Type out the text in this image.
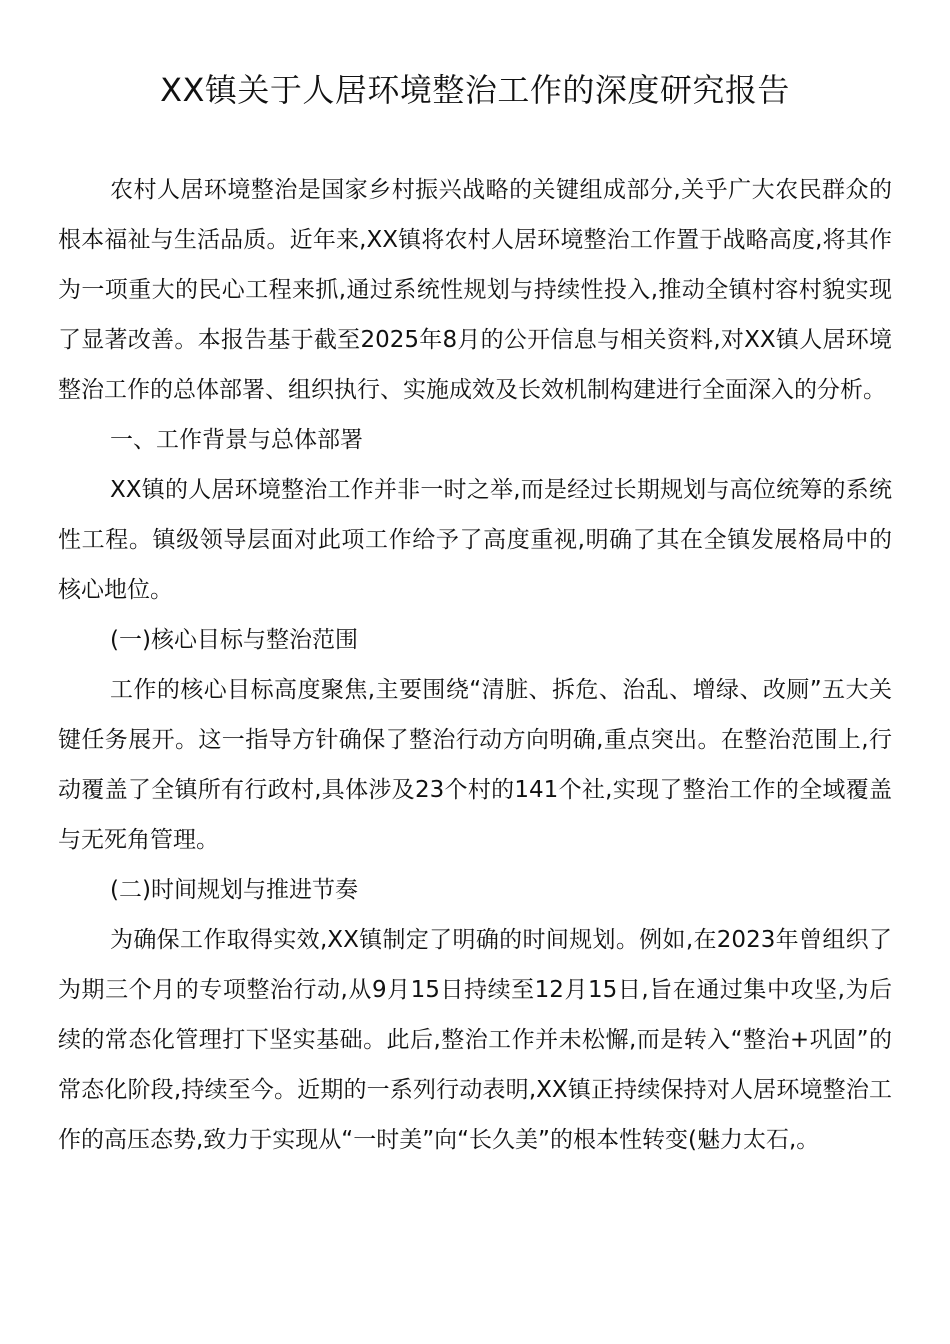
XX镇关于人居环境整治工作的深度研究报告

农村人居环境整治是国家乡村振兴战略的关键组成部分,关乎广大农民群众的根本福祉与生活品质。近年来,XX镇将农村人居环境整治工作置于战略高度,将其作为一项重大的民心工程来抓,通过系统性规划与持续性投入,推动全镇村容村貌实现了显著改善。本报告基于截至2025年8月的公开信息与相关资料,对XX镇人居环境整治工作的总体部署、组织执行、实施成效及长效机制构建进行全面深入的分析。

一、工作背景与总体部署

XX镇的人居环境整治工作并非一时之举,而是经过长期规划与高位统筹的系统性工程。镇级领导层面对此项工作给予了高度重视,明确了其在全镇发展格局中的核心地位。

(一)核心目标与整治范围

工作的核心目标高度聚焦,主要围绕“清脏、拆危、治乱、增绿、改厕”五大关键任务展开。这一指导方针确保了整治行动方向明确,重点突出。在整治范围上,行动覆盖了全镇所有行政村,具体涉及23个村的141个社,实现了整治工作的全域覆盖与无死角管理。

(二)时间规划与推进节奏

为确保工作取得实效,XX镇制定了明确的时间规划。例如,在2023年曾组织了为期三个月的专项整治行动,从9月15日持续至12月15日,旨在通过集中攻坚,为后续的常态化管理打下坚实基础。此后,整治工作并未松懈,而是转入“整治+巩固”的常态化阶段,持续至今。近期的一系列行动表明,XX镇正持续保持对人居环境整治工作的高压态势,致力于实现从“一时美”向“长久美”的根本性转变(魅力太石,。
